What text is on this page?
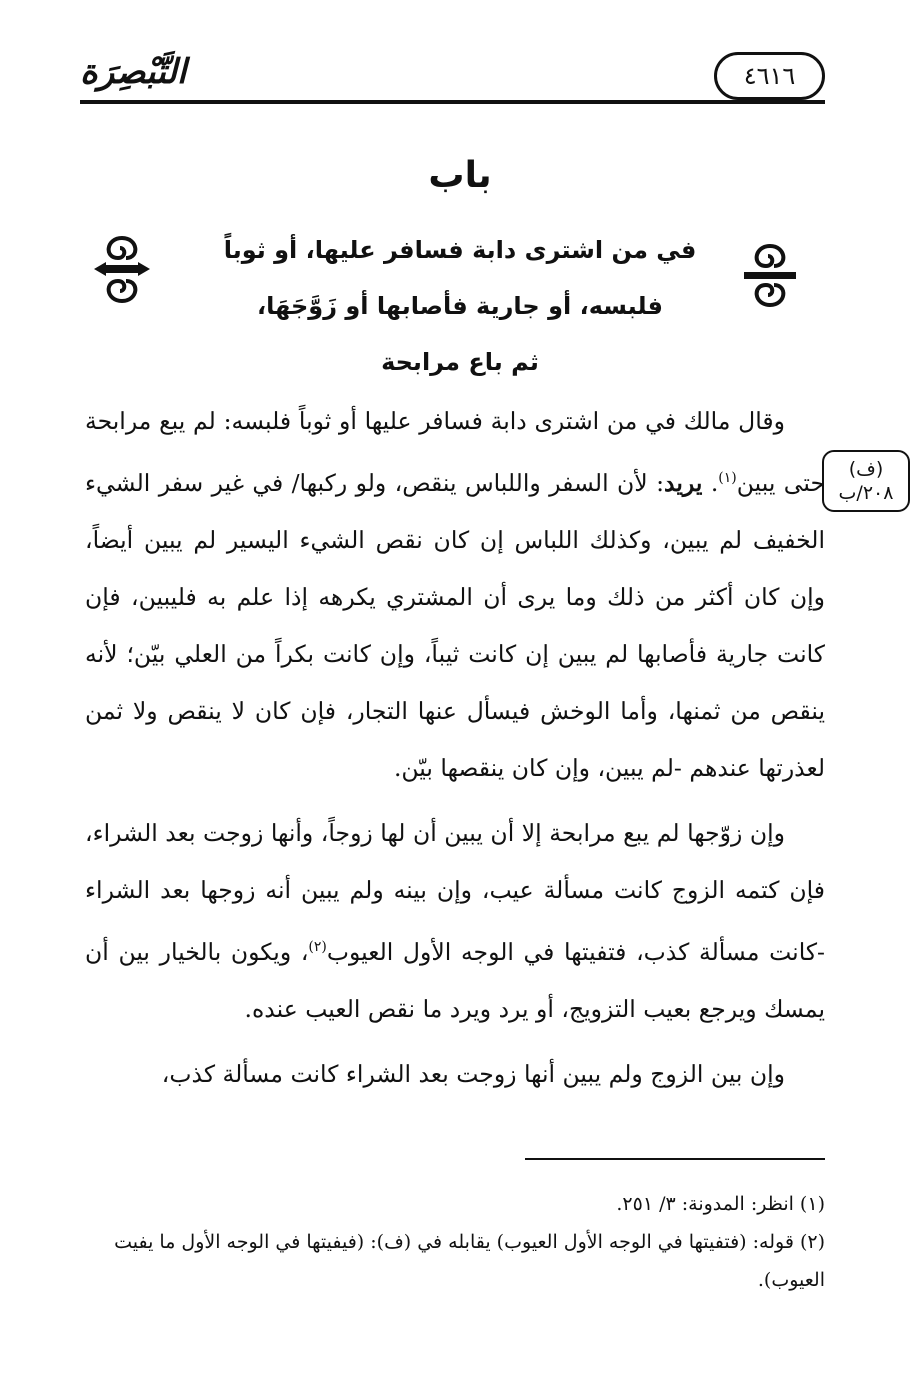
التَّبْصِرَة	٤٦١٦
باب
في من اشترى دابة فسافر عليها، أو ثوباً
فلبسه، أو جارية فأصابها أو زَوَّجَهَا،
ثم باع مرابحة
(ف)
٢٠٨/ب

وقال مالك في من اشترى دابة فسافر عليها أو ثوباً فلبسه: لم يبع مرابحة حتى يبين$^{(١)}$. يريد: لأن السفر واللباس ينقص، ولو ركبها/ في غير سفر الشيء الخفيف لم يبين، وكذلك اللباس إن كان نقص الشيء اليسير لم يبين أيضاً، وإن كان أكثر من ذلك وما يرى أن المشتري يكرهه إذا علم به فليبين، فإن كانت جارية فأصابها لم يبين إن كانت ثيباً، وإن كانت بكراً من العلي بيّن؛ لأنه ينقص من ثمنها، وأما الوخش فيسأل عنها التجار، فإن كان لا ينقص ولا ثمن لعذرتها عندهم -لم يبين، وإن كان ينقصها بيّن.

وإن زوّجها لم يبع مرابحة إلا أن يبين أن لها زوجاً، وأنها زوجت بعد الشراء، فإن كتمه الزوج كانت مسألة عيب، وإن بينه ولم يبين أنه زوجها بعد الشراء -كانت مسألة كذب، فتفيتها في الوجه الأول العيوب$^{(٢)}$، ويكون بالخيار بين أن يمسك ويرجع بعيب التزويج، أو يرد ويرد ما نقص العيب عنده.

وإن بين الزوج ولم يبين أنها زوجت بعد الشراء كانت مسألة كذب،

(١) انظر: المدونة: ٣/ ٢٥١.
(٢) قوله: (فتفيتها في الوجه الأول العيوب) يقابله في (ف): (فيفيتها في الوجه الأول ما يفيت العيوب).
